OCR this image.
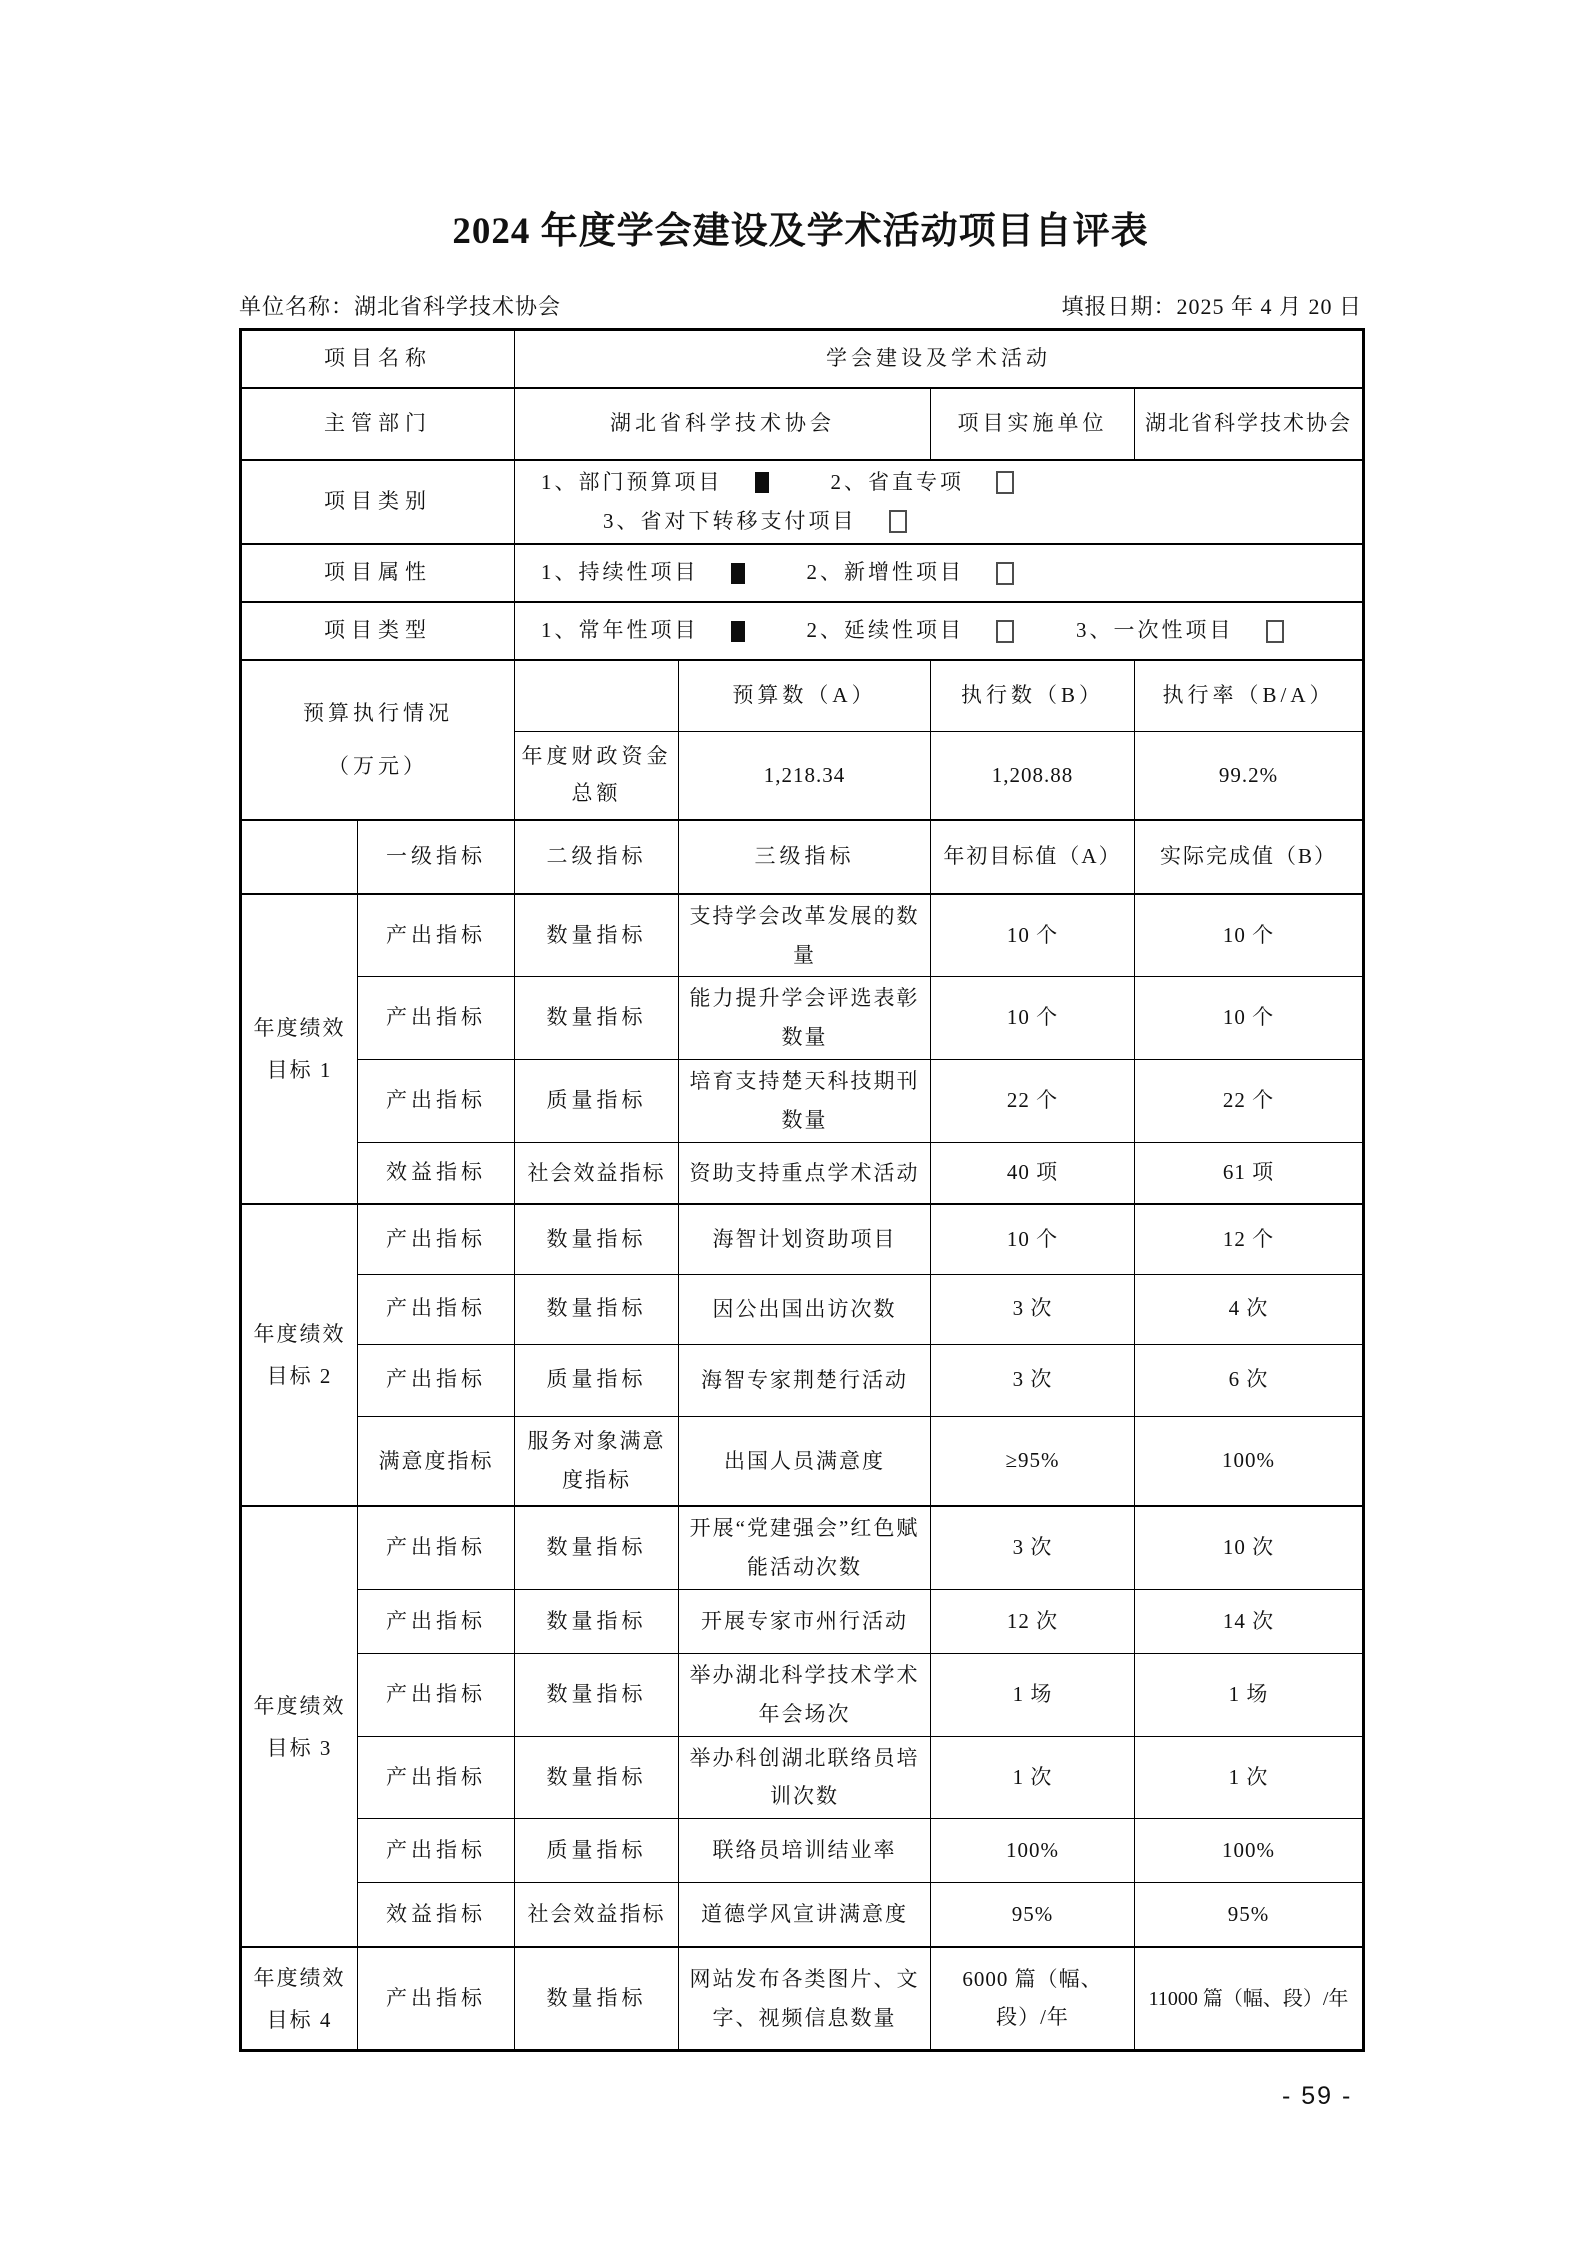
2024 年度学会建设及学术活动项目自评表
单位名称：湖北省科学技术协会	填报日期：2025 年 4 月 20 日
项目名称		学会建设及学术活动			
主管部门		湖北省科学技术协会		项目实施单位	湖北省科学技术协会
项目类别		1、部门预算项目 2、省直专项
3、省对下转移支付项目			

项目属性		1、持续性项目 2、新增性项目			

项目类型		1、常年性项目 2、延续性项目 3、一次性项目			

预算执行情况
（万元）			预算数（A）	执行数（B）	执行率（B/A）
		年度财政资金总额	1,218.34	1,208.88	99.2%
	一级指标	二级指标	三级指标	年初目标值（A）	实际完成值（B）

年度绩效
目标 1	产出指标	数量指标	支持学会改革发展的数量	10 个	10 个
	产出指标	数量指标	能力提升学会评选表彰数量	10 个	10 个
	产出指标	质量指标	培育支持楚天科技期刊数量	22 个	22 个
	效益指标	社会效益指标	资助支持重点学术活动	40 项	61 项

年度绩效
目标 2	产出指标	数量指标	海智计划资助项目	10 个	12 个
	产出指标	数量指标	因公出国出访次数	3 次	4 次
	产出指标	质量指标	海智专家荆楚行活动	3 次	6 次
	满意度指标	服务对象满意度指标	出国人员满意度	≥95%	100%

年度绩效
目标 3	产出指标	数量指标	开展“党建强会”红色赋能活动次数	3 次	10 次
	产出指标	数量指标	开展专家市州行活动	12 次	14 次
	产出指标	数量指标	举办湖北科学技术学术年会场次	1 场	1 场
	产出指标	数量指标	举办科创湖北联络员培训次数	1 次	1 次
	产出指标	质量指标	联络员培训结业率	100%	100%
	效益指标	社会效益指标	道德学风宣讲满意度	95%	95%

年度绩效
目标 4	产出指标	数量指标	网站发布各类图片、文字、视频信息数量	6000 篇（幅、段）/年	11000 篇（幅、段）/年
- 59 -
